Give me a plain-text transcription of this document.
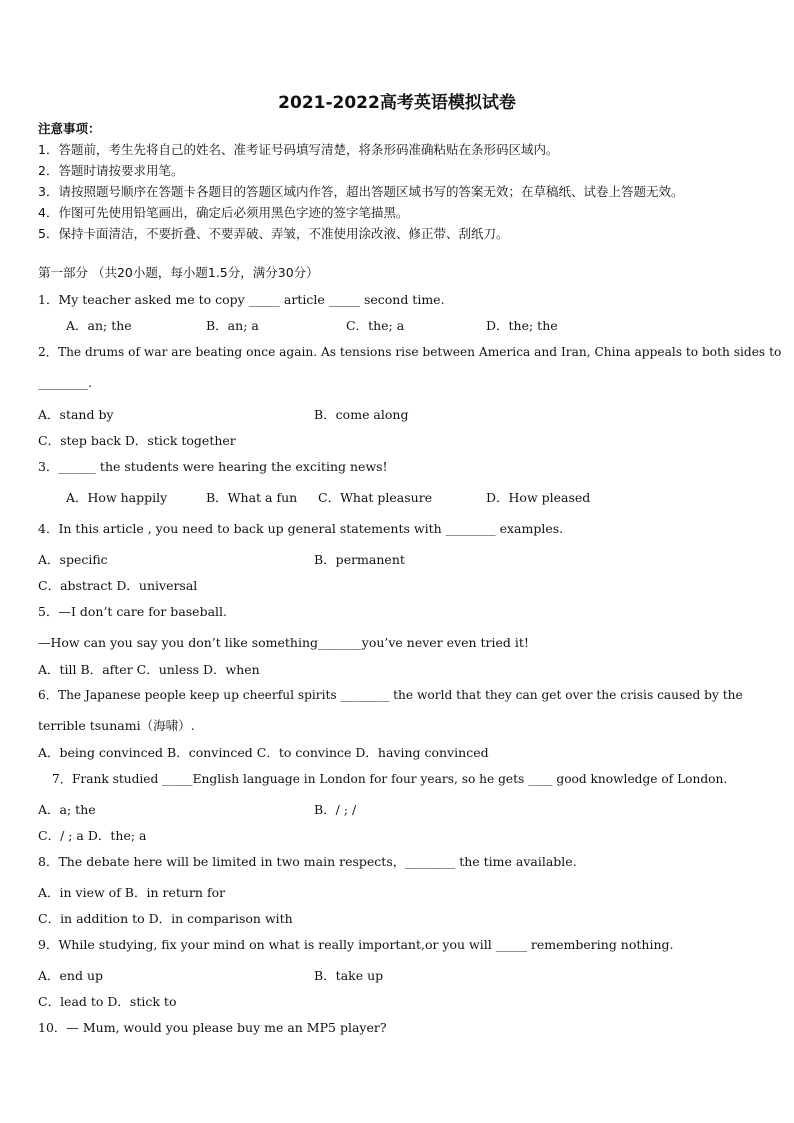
2021-2022高考英语模拟试卷
注意事项：
1．答题前，考生先将自己的姓名、准考证号码填写清楚，将条形码准确粘贴在条形码区域内。
2．答题时请按要求用笔。
3．请按照题号顺序在答题卡各题目的答题区域内作答，超出答题区域书写的答案无效；在草稿纸、试卷上答题无效。
4．作图可先使用铅笔画出，确定后必须用黑色字迹的签字笔描黑。
5．保持卡面清洁，不要折叠、不要弄破、弄皱，不准使用涂改液、修正带、刮纸刀。
第一部分 （共20小题，每小题1.5分，满分30分）
1．My teacher asked me to copy _____ article _____ second time.
A．an; the	B．an; a	C．the; a	D．the; the
2．The drums of war are beating once again. As tensions rise between America and Iran, China appeals to both sides to
________.
A．stand by	B．come along
C．step back D．stick together
3．______ the students were hearing the exciting news!
A．How happily	B．What a fun C．What pleasure	D．How pleased
4．In this article , you need to back up general statements with ________ examples.
A．specific	B．permanent
C．abstract D．universal
5．—I don’t care for baseball.
—How can you say you don’t like something_______you’ve never even tried it!
A．till B．after C．unless D．when
6．The Japanese people keep up cheerful spirits ________ the world that they can get over the crisis caused by the
terrible tsunami（海啸）.
A．being convinced B．convinced C．to convince D．having convinced
7．Frank studied _____English language in London for four years, so he gets ____ good knowledge of London.
A．a; the	B．/ ; /
C．/ ; a D．the; a
8．The debate here will be limited in two main respects，________ the time available.
A．in view of B．in return for
C．in addition to D．in comparison with
9．While studying, fix your mind on what is really important,or you will _____ remembering nothing.
A．end up	B．take up
C．lead to D．stick to
10．— Mum, would you please buy me an MP5 player?
